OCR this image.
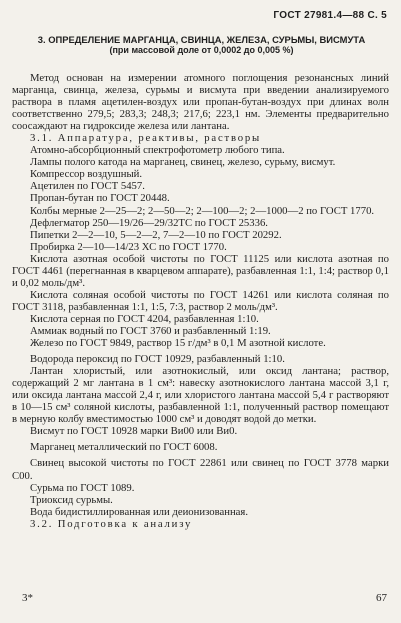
ГОСТ 27981.4—88 С. 5
3. ОПРЕДЕЛЕНИЕ МАРГАНЦА, СВИНЦА, ЖЕЛЕЗА, СУРЬМЫ, ВИСМУТА
(при массовой доле от 0,0002 до 0,005 %)

Метод основан на измерении атомного поглощения резонансных линий марганца, свинца, железа, сурьмы и висмута при введении анализируемого раствора в пламя ацетилен-воздух или пропан-бутан-воздух при длинах волн соответственно 279,5; 283,3; 248,3; 217,6; 223,1 нм. Элементы предварительно соосаждают на гидроксиде железа или лантана.

3.1. Аппаратура, реактивы, растворы

Атомно-абсорбционный спектрофотометр любого типа.

Лампы полого катода на марганец, свинец, железо, сурьму, висмут.

Компрессор воздушный.

Ацетилен по ГОСТ 5457.

Пропан-бутан по ГОСТ 20448.

Колбы мерные 2—25—2; 2—50—2; 2—100—2; 2—1000—2 по ГОСТ 1770.

Дефлегматор 250—19/26—29/32ТС по ГОСТ 25336.

Пипетки 2—2—10, 5—2—2, 7—2—10 по ГОСТ 20292.

Пробирка 2—10—14/23 ХС по ГОСТ 1770.

Кислота азотная особой чистоты по ГОСТ 11125 или кислота азотная по ГОСТ 4461 (перегнанная в кварцевом аппарате), разбавленная 1:1, 1:4; раствор 0,1 и 0,02 моль/дм³.

Кислота соляная особой чистоты по ГОСТ 14261 или кислота соляная по ГОСТ 3118, разбавленная 1:1, 1:5, 7:3, раствор 2 моль/дм³.

Кислота серная по ГОСТ 4204, разбавленная 1:10.

Аммиак водный по ГОСТ 3760 и разбавленный 1:19.

Железо по ГОСТ 9849, раствор 15 г/дм³ в 0,1 М азотной кислоте.

Водорода пероксид по ГОСТ 10929, разбавленный 1:10.

Лантан хлористый, или азотнокислый, или оксид лантана; раствор, содержащий 2 мг лантана в 1 см³: навеску азотнокислого лантана массой 3,1 г, или оксида лантана массой 2,4 г, или хлористого лантана массой 5,4 г растворяют в 10—15 см³ соляной кислоты, разбавленной 1:1, полученный раствор помещают в мерную колбу вместимостью 1000 см³ и доводят водой до метки.

Висмут по ГОСТ 10928 марки Ви00 или Ви0.

Марганец металлический по ГОСТ 6008.

Свинец высокой чистоты по ГОСТ 22861 или свинец по ГОСТ 3778 марки С00.

Сурьма по ГОСТ 1089.

Триоксид сурьмы.

Вода бидистиллированная или деионизованная.

3.2. Подготовка к анализу

3*	67
